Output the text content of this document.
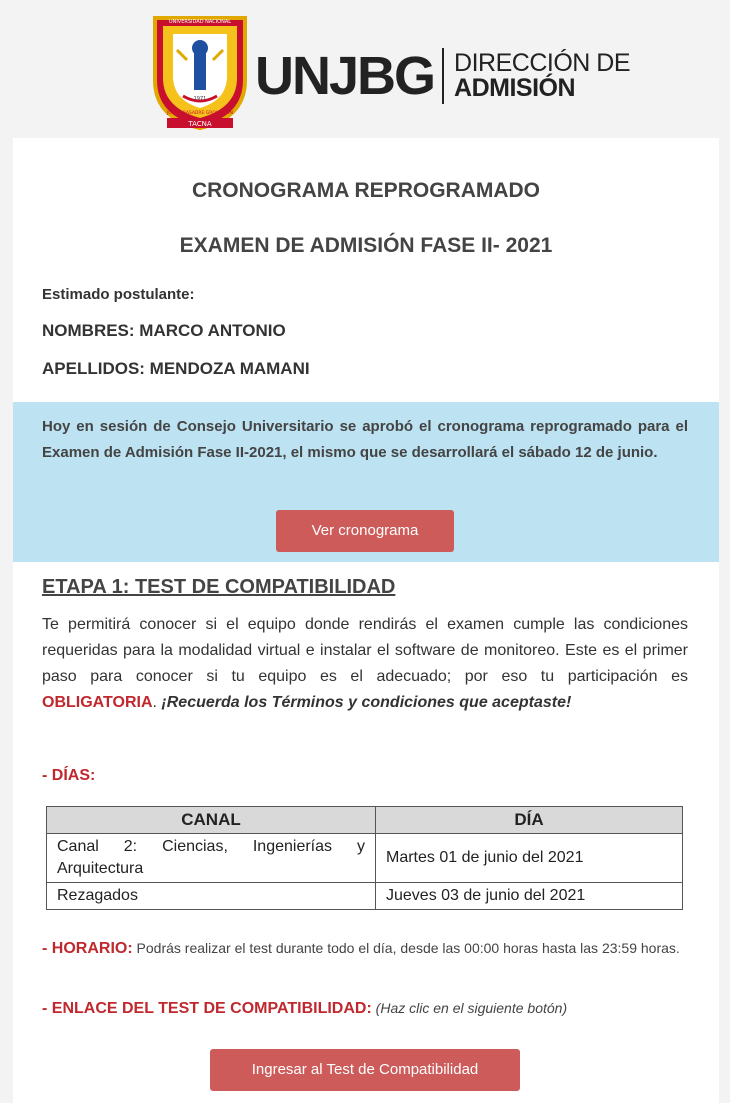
TACNA
UNIVERSIDAD NACIONAL
JORGE BASADRE GROHMANN
1971 UNJBG DIRECCIÓN DE
ADMISIÓN
CRONOGRAMA REPROGRAMADO
EXAMEN DE ADMISIÓN FASE II- 2021
Estimado postulante:
NOMBRES: MARCO ANTONIO
APELLIDOS: MENDOZA MAMANI
Hoy en sesión de Consejo Universitario se aprobó el cronograma reprogramado para el Examen de Admisión Fase II-2021, el mismo que se desarrollará el sábado 12 de junio.
Ver cronograma
ETAPA 1: TEST DE COMPATIBILIDAD
Te permitirá conocer si el equipo donde rendirás el examen cumple las condiciones requeridas para la modalidad virtual e instalar el software de monitoreo. Este es el primer paso para conocer si tu equipo es el adecuado; por eso tu participación es OBLIGATORIA. ¡Recuerda los Términos y condiciones que aceptaste!
- DÍAS:
CANAL	DÍA
Canal 2: Ciencias, Ingenierías y Arquitectura	Martes 01 de junio del 2021
Rezagados	Jueves 03 de junio del 2021
- HORARIO: Podrás realizar el test durante todo el día, desde las 00:00 horas hasta las 23:59 horas.
- ENLACE DEL TEST DE COMPATIBILIDAD: (Haz clic en el siguiente botón)
Ingresar al Test de Compatibilidad
